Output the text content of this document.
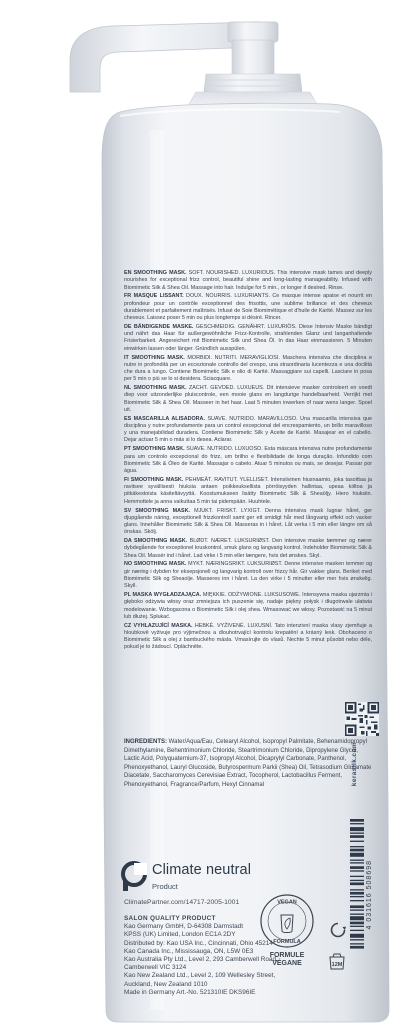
EN SMOOTHING MASK. SOFT. NOURISHED. LUXURIOUS. This intensive mask tames and deeply nourishes for exceptional frizz control, beautiful shine and long-lasting manageability. Infused with Biomimetic Silk & Shea Oil. Massage into hair. Indulge for 5 min., or longer if desired. Rinse.

FR MASQUE LISSANT. DOUX. NOURRIS. LUXURIANTS. Ce masque intense apaise et nourrit en profondeur pour un contrôle exceptionnel des frisottis, une sublime brillance et des cheveux durablement et parfaitement maîtrisés. Infusé de Soie Biomimétique et d'huile de Karité. Massez sur les cheveux. Laissez poser 5 min ou plus longtemps si désiré. Rincer.

DE BÄNDIGENDE MASKE. GESCHMEIDIG. GENÄHRT. LUXURIÖS. Diese Intensiv Maske bändigt und nährt das Haar für außergewöhnliche Frizz-Kontrolle, strahlenden Glanz und langanhaltende Frisierbarkeit. Angereichert mit Biomimetic Silk und Shea Öl. In das Haar einmassieren. 5 Minuten einwirken lassen oder länger. Gründlich ausspülen.

IT SMOOTHING MASK. MORBIDI. NUTRITI. MERAVIGLIOSI. Maschera intensiva che disciplina e nutre in profondità per un eccezionale controllo del crespo, una straordinaria lucentezza e una docilità che dura a lungo. Contiene Biomimetic Silk e olio di Karité. Massaggiare sui capelli. Lasciare in posa per 5 min o più se lo si desidera. Sciacquare.

NL SMOOTHING MASK. ZACHT. GEVOED. LUXUEUS. Dit intensieve masker controleert en voedt diep voor uitzonderlijke pluiscontrole, een mooie glans en langdurige handelbaarheid. Verrijkt met Biomimetic Silk & Shea Oil. Masseer in het haar. Laat 5 minuten inwerken of naar wens langer. Spoel uit.

ES MASCARILLA ALISADORA. SUAVE. NUTRIDO. MARAVILLOSO. Una mascarilla intensiva que disciplina y nutre profundamente para un control excepcional del encrespamiento, un brillo maravilloso y una manejabilidad duradera. Contiene Biomimetic Silk y Aceite de Karité. Masajear en el cabello. Dejar actuar 5 min o más si lo desea. Aclarar.

PT SMOOTHING MASK. SUAVE. NUTRIDO. LUXUOSO. Esta máscara intensiva nutre profundamente para um controlo excepcional do frizz, um brilho e flexibilidade de longa duração. Infundido com Biomimetic Silk & Óleo de Karité. Massajar o cabelo. Atuar 5 minutos ou mais, se desejar. Passar por água.

FI SMOOTHING MASK. PEHMEÄT. RAVITUT. YLELLISET. Intensiivinen hiusnaamio, joka tasoittaa ja ravitsee syvällisesti hiuksia antaen poikkeuksellista pörröisyyden hallintaa, upeaa kiiltoa ja pitkäkestoista käsiteltävyyttä. Koostumukseen lisätty Biomimetic Silk & Sheaöljy. Hiero hiuksiin. Hemmottele ja anna vaikuttaa 5 min tai pidempään. Huuhtele.

SV SMOOTHING MASK. MJUKT. FRISKT. LYXIGT. Denna intensiva mask lugnar håret, ger djupgående näring, exceptionell frizzkontroll samt ger ett smidigt hår med långvarig effekt och vacker glans. Innehåller Biomimetic Silk & Shea Oil. Masseras in i håret. Låt verka i 5 min eller längre om så önskas. Skölj.

DA SMOOTHING MASK. BLØDT. NÆRET. LUKSURIØST. Den intensive maske tæmmer og nærer dybdegående for exceptionel kruskontrol, smuk glans og langvarig kontrol. Indeholder Biomimetic Silk & Shea Oil. Massér ind i håret. Lad virke i 5 min eller længere, hvis det ønskes. Skyl.

NO SMOOTHING MASK. MYKT. NÆRINGSRIKT. LUKSURIØST. Denne intensive masken temmer og gir næring i dybden for eksepsjonell og langvarig kontroll over frizzy hår. Gir vakker glans. Beriket med Biomimetic Silk og Sheaolje. Masseres inn i håret. La den virke i 5 minutter eller mer hvis ønskelig. Skyll.

PL MASKA WYGŁADZAJĄCA. MIĘKKIE. ODŻYWIONE. LUKSUSOWE. Intensywna maska ujarzmia i głęboko odżywia włosy oraz zmniejsza ich puszenie się, nadaje piękny połysk i długotrwale ułatwia modelowanie. Wzbogacona o Biomimetic Silk i olej shea. Wmasować we włosy. Pozostawić na 5 minut lub dłużej. Spłukać.

CZ VYHLAZUJÍCÍ MASKA. HEBKÉ. VYŽIVENÉ. LUXUSNÍ. Tato intenzivní maska vlasy zjemňuje a hloubkově vyživuje pro výjimečnou a dlouhotrvající kontrolu krepatění a krásný lesk. Obohaceno o Biomimetic Silk a olej z bambuckého másla. Vmasírujte do vlasů. Nechte 5 minut působit nebo déle, pokud je to žádoucí. Opláchněte.

INGREDIENTS: Water/Aqua/Eau, Cetearyl Alcohol, Isopropyl Palmitate, Behenamidopropyl Dimethylamine, Behentrimonium Chloride, Steartrimonium Chloride, Dipropylene Glycol, Lactic Acid, Polyquaternium-37, Isopropyl Alcohol, Dicaprylyl Carbonate, Panthenol, Phenoxyethanol, Lauryl Glucoside, Butyrospermum Parkii (Shea) Oil, Tetrasodium Glutamate Diacetate, Saccharomyces Cerevisiae Extract, Tocopherol, Lactobacillus Ferment, Phenoxyethanol, Fragrance/Parfum, Hexyl Cinnamal
Climate neutral
Product
ClimatePartner.com/14717-2005-1001
SALON QUALITY PRODUCT
Kao Germany GmbH, D-64308 Darmstadt
KPSS (UK) Limited, London EC1A 2DY
Distributed by: Kao USA Inc., Cincinnati, Ohio 45214
Kao Canada Inc., Mississauga, ON, L5W 0E3
Kao Australia Pty Ltd., Level 2, 293 Camberwell Road,
Camberwell VIC 3124
Kao New Zealand Ltd., Level 2, 109 Wellesley Street,
Auckland, New Zealand 1010
Made in Germany Art.-No. 521310IE DKS96IE
kerasilk.com
4 031616 508698
VEGAN
FORMULA
FORMULE
VÉGANE	12M
